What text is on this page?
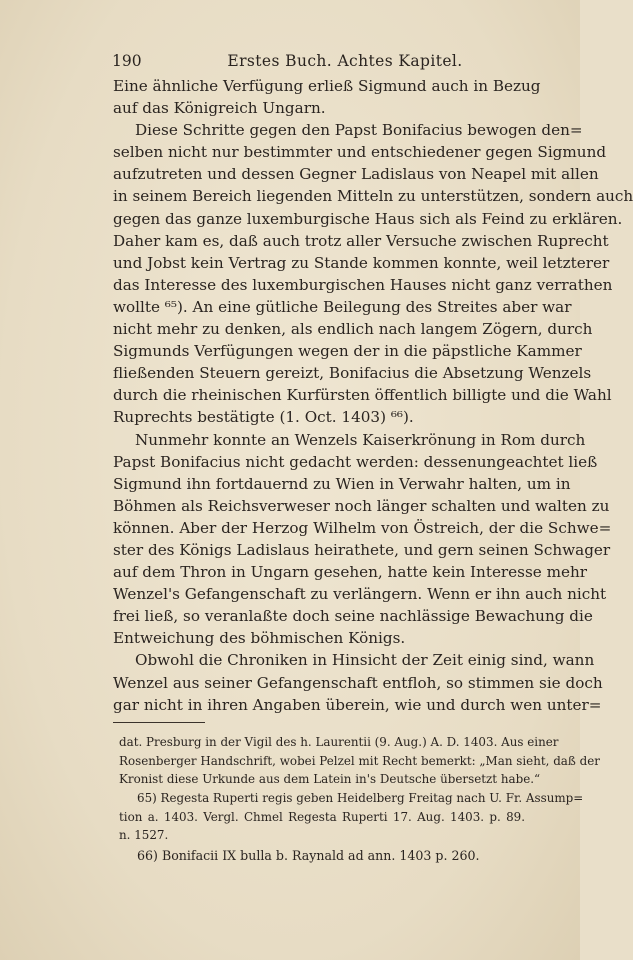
190	Erstes Buch. Achtes Kapitel.
Eine ähnliche Verfügung erließ Sigmund auch in Bezug
auf das Königreich Ungarn.
Diese Schritte gegen den Papst Bonifacius bewogen den=
selben nicht nur bestimmter und entschiedener gegen Sigmund
aufzutreten und dessen Gegner Ladislaus von Neapel mit allen
in seinem Bereich liegenden Mitteln zu unterstützen, sondern auch
gegen das ganze luxemburgische Haus sich als Feind zu erklären.
Daher kam es, daß auch trotz aller Versuche zwischen Ruprecht
und Jobst kein Vertrag zu Stande kommen konnte, weil letzterer
das Interesse des luxemburgischen Hauses nicht ganz verrathen
wollte ⁶⁵). An eine gütliche Beilegung des Streites aber war
nicht mehr zu denken, als endlich nach langem Zögern, durch
Sigmunds Verfügungen wegen der in die päpstliche Kammer
fließenden Steuern gereizt, Bonifacius die Absetzung Wenzels
durch die rheinischen Kurfürsten öffentlich billigte und die Wahl
Ruprechts bestätigte (1. Oct. 1403) ⁶⁶).
Nunmehr konnte an Wenzels Kaiserkrönung in Rom durch
Papst Bonifacius nicht gedacht werden: dessenungeachtet ließ
Sigmund ihn fortdauernd zu Wien in Verwahr halten, um in
Böhmen als Reichsverweser noch länger schalten und walten zu
können. Aber der Herzog Wilhelm von Östreich, der die Schwe=
ster des Königs Ladislaus heirathete, und gern seinen Schwager
auf dem Thron in Ungarn gesehen, hatte kein Interesse mehr
Wenzel's Gefangenschaft zu verlängern. Wenn er ihn auch nicht
frei ließ, so veranlaßte doch seine nachlässige Bewachung die
Entweichung des böhmischen Königs.
Obwohl die Chroniken in Hinsicht der Zeit einig sind, wann
Wenzel aus seiner Gefangenschaft entfloh, so stimmen sie doch
gar nicht in ihren Angaben überein, wie und durch wen unter=
dat. Presburg in der Vigil des h. Laurentii (9. Aug.) A. D. 1403. Aus einer
Rosenberger Handschrift, wobei Pelzel mit Recht bemerkt: „Man sieht, daß der
Kronist diese Urkunde aus dem Latein in's Deutsche übersetzt habe.“
65) Regesta Ruperti regis geben Heidelberg Freitag nach U. Fr. Assump=
tion a. 1403. Vergl. Chmel Regesta Ruperti 17. Aug. 1403. p. 89.
n. 1527.
66) Bonifacii IX bulla b. Raynald ad ann. 1403 p. 260.
